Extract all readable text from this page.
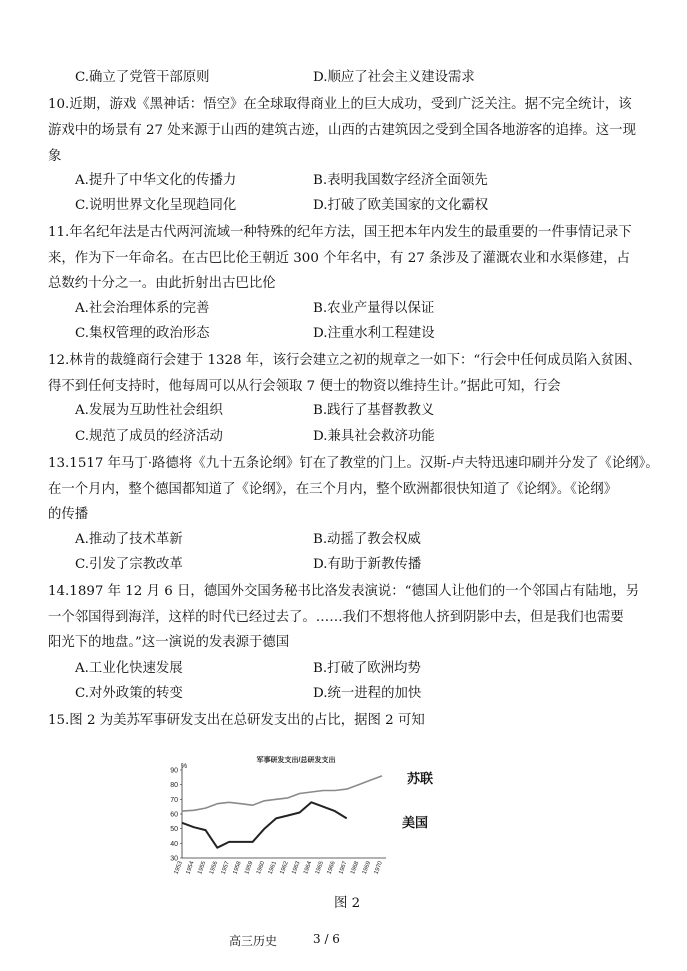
C.确立了党管干部原则	D.顺应了社会主义建设需求
10.近期，游戏《黑神话：悟空》在全球取得商业上的巨大成功，受到广泛关注。据不完全统计，该
游戏中的场景有 27 处来源于山西的建筑古迹，山西的古建筑因之受到全国各地游客的追捧。这一现
象
A.提升了中华文化的传播力	B.表明我国数字经济全面领先
C.说明世界文化呈现趋同化	D.打破了欧美国家的文化霸权
11.年名纪年法是古代两河流域一种特殊的纪年方法，国王把本年内发生的最重要的一件事情记录下
来，作为下一年命名。在古巴比伦王朝近 300 个年名中，有 27 条涉及了灌溉农业和水渠修建，占
总数约十分之一。由此折射出古巴比伦
A.社会治理体系的完善	B.农业产量得以保证
C.集权管理的政治形态	D.注重水利工程建设
12.林肯的裁缝商行会建于 1328 年，该行会建立之初的规章之一如下：“行会中任何成员陷入贫困、
得不到任何支持时，他每周可以从行会领取 7 便士的物资以维持生计。”据此可知，行会
A.发展为互助性社会组织	B.践行了基督教教义
C.规范了成员的经济活动	D.兼具社会救济功能
13.1517 年马丁·路德将《九十五条论纲》钉在了教堂的门上。汉斯-卢夫特迅速印刷并分发了《论纲》。
在一个月内，整个德国都知道了《论纲》，在三个月内，整个欧洲都很快知道了《论纲》。《论纲》
的传播
A.推动了技术革新	B.动摇了教会权威
C.引发了宗教改革	D.有助于新教传播
14.1897 年 12 月 6 日，德国外交国务秘书比洛发表演说：“德国人让他们的一个邻国占有陆地，另
一个邻国得到海洋，这样的时代已经过去了。……我们不想将他人挤到阴影中去，但是我们也需要
阳光下的地盘。”这一演说的发表源于德国
A.工业化快速发展	B.打破了欧洲均势
C.对外政策的转变	D.统一进程的加快
15.图 2 为美苏军事研发支出在总研发支出的占比，据图 2 可知
军事研发支出/总研发支出
%
90
80
70
60
50
40
30
1953 1954 1955 1956 1957 1958 1959 1960 1961 1962 1963 1964 1965 1966 1967 1968 1969 1970
苏联
美国
图 2
高三历史	3 / 6
